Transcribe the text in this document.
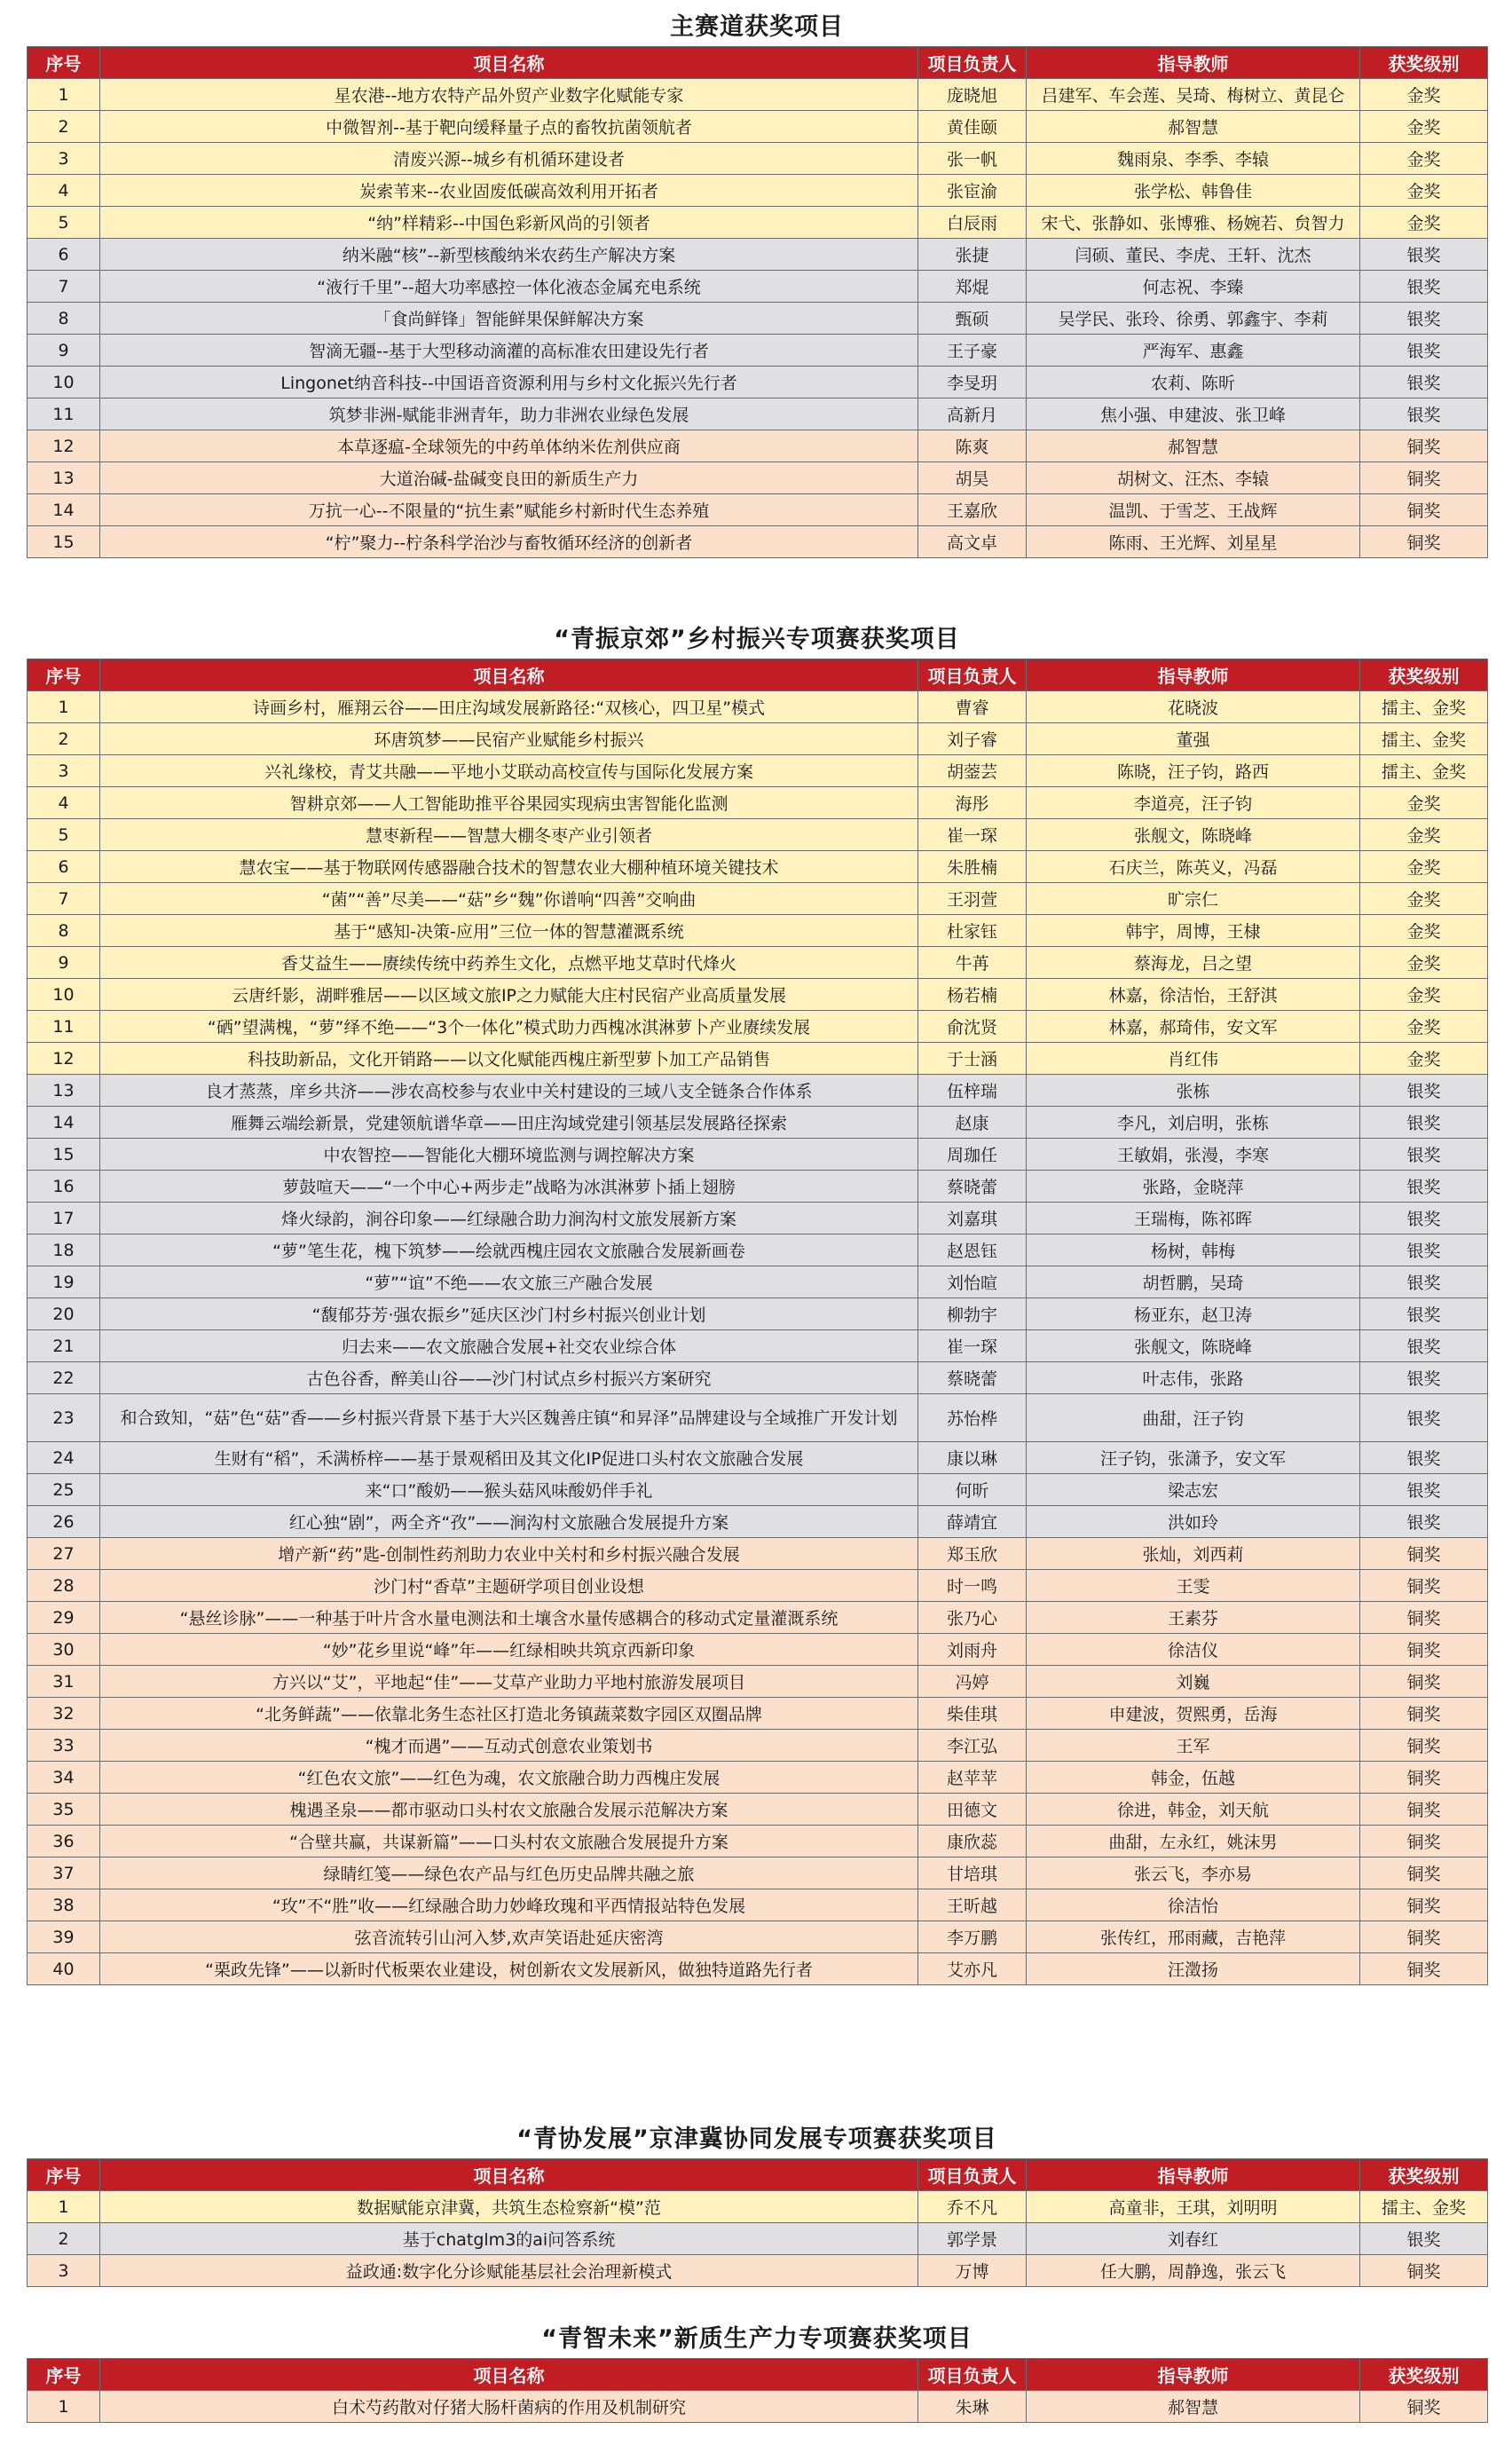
主赛道获奖项目
序号	项目名称	项目负责人	指导教师	获奖级别
1	星农港--地方农特产品外贸产业数字化赋能专家	庞晓旭	吕建军、车会莲、吴琦、梅树立、黄昆仑	金奖
2	中微智剂--基于靶向缓释量子点的畜牧抗菌领航者	黄佳颐	郝智慧	金奖
3	清废兴源--城乡有机循环建设者	张一帆	魏雨泉、李季、李辕	金奖
4	炭索苇来--农业固废低碳高效利用开拓者	张宦渝	张学松、韩鲁佳	金奖
5	“纳”样精彩--中国色彩新风尚的引领者	白辰雨	宋弋、张静如、张博雅、杨婉若、贠智力	金奖
6	纳米融“核”--新型核酸纳米农药生产解决方案	张捷	闫硕、董民、李虎、王轩、沈杰	银奖
7	“液行千里”--超大功率感控一体化液态金属充电系统	郑焜	何志祝、李臻	银奖
8	「食尚鲜锋」智能鲜果保鲜解决方案	甄硕	吴学民、张玲、徐勇、郭鑫宇、李莉	银奖
9	智滴无疆--基于大型移动滴灌的高标准农田建设先行者	王子豪	严海军、惠鑫	银奖
10	Lingonet纳音科技--中国语音资源利用与乡村文化振兴先行者	李旻玥	农莉、陈昕	银奖
11	筑梦非洲-赋能非洲青年，助力非洲农业绿色发展	高新月	焦小强、申建波、张卫峰	银奖
12	本草逐瘟-全球领先的中药单体纳米佐剂供应商	陈爽	郝智慧	铜奖
13	大道治碱-盐碱变良田的新质生产力	胡昊	胡树文、汪杰、李辕	铜奖
14	万抗一心--不限量的“抗生素”赋能乡村新时代生态养殖	王嘉欣	温凯、于雪芝、王战辉	铜奖
15	“柠”聚力--柠条科学治沙与畜牧循环经济的创新者	高文卓	陈雨、王光辉、刘星星	铜奖
“青振京郊”乡村振兴专项赛获奖项目
序号	项目名称	项目负责人	指导教师	获奖级别
1	诗画乡村，雁翔云谷——田庄沟域发展新路径:“双核心，四卫星”模式	曹睿	花晓波	擂主、金奖
2	环唐筑梦——民宿产业赋能乡村振兴	刘子睿	董强	擂主、金奖
3	兴礼缘校，青艾共融——平地小艾联动高校宣传与国际化发展方案	胡蓥芸	陈晓，汪子钧，路西	擂主、金奖
4	智耕京郊——人工智能助推平谷果园实现病虫害智能化监测	海彤	李道亮，汪子钧	金奖
5	慧枣新程——智慧大棚冬枣产业引领者	崔一琛	张舰文，陈晓峰	金奖
6	慧农宝——基于物联网传感器融合技术的智慧农业大棚种植环境关键技术	朱胜楠	石庆兰，陈英义，冯磊	金奖
7	“菌”“善”尽美——“菇”乡“魏”你谱响“四善”交响曲	王羽萱	旷宗仁	金奖
8	基于“感知-决策-应用”三位一体的智慧灌溉系统	杜家钰	韩宇，周博，王棣	金奖
9	香艾益生——赓续传统中药养生文化，点燃平地艾草时代烽火	牛苒	蔡海龙，吕之望	金奖
10	云唐纤影，湖畔雅居——以区域文旅IP之力赋能大庄村民宿产业高质量发展	杨若楠	林嘉，徐洁怡，王舒淇	金奖
11	“硒”望满槐，“萝”绎不绝——“3个一体化”模式助力西槐冰淇淋萝卜产业赓续发展	俞沈贤	林嘉，郝琦伟，安文军	金奖
12	科技助新品，文化开销路——以文化赋能西槐庄新型萝卜加工产品销售	于士涵	肖红伟	金奖
13	良才蒸蒸，庠乡共济——涉农高校参与农业中关村建设的三域八支全链条合作体系	伍梓瑞	张栋	银奖
14	雁舞云端绘新景，党建领航谱华章——田庄沟域党建引领基层发展路径探索	赵康	李凡，刘启明，张栋	银奖
15	中农智控——智能化大棚环境监测与调控解决方案	周珈任	王敏娟，张漫，李寒	银奖
16	萝鼓喧天——“一个中心+两步走”战略为冰淇淋萝卜插上翅膀	蔡晓蕾	张路，金晓萍	银奖
17	烽火绿韵，涧谷印象——红绿融合助力涧沟村文旅发展新方案	刘嘉琪	王瑞梅，陈祁晖	银奖
18	“萝”笔生花，槐下筑梦——绘就西槐庄园农文旅融合发展新画卷	赵恩钰	杨树，韩梅	银奖
19	“萝”“谊”不绝——农文旅三产融合发展	刘怡暄	胡哲鹏，吴琦	银奖
20	“馥郁芬芳·强农振乡”延庆区沙门村乡村振兴创业计划	柳勃宇	杨亚东，赵卫涛	银奖
21	归去来——农文旅融合发展+社交农业综合体	崔一琛	张舰文，陈晓峰	银奖
22	古色谷香，醉美山谷——沙门村试点乡村振兴方案研究	蔡晓蕾	叶志伟，张路	银奖
23	和合致知，“菇”色“菇”香——乡村振兴背景下基于大兴区魏善庄镇“和昇泽”品牌建设与全域推广开发计划	苏怡桦	曲甜，汪子钧	银奖
24	生财有“稻”，禾满桥梓——基于景观稻田及其文化IP促进口头村农文旅融合发展	康以琳	汪子钧，张潇予，安文军	银奖
25	来“口”酸奶——猴头菇风味酸奶伴手礼	何昕	梁志宏	银奖
26	红心独“剧”，两全齐“孜”——涧沟村文旅融合发展提升方案	薛靖宜	洪如玲	银奖
27	增产新“药”匙-创制性药剂助力农业中关村和乡村振兴融合发展	郑玉欣	张灿，刘西莉	铜奖
28	沙门村“香草”主题研学项目创业设想	时一鸣	王雯	铜奖
29	“悬丝诊脉”——一种基于叶片含水量电测法和土壤含水量传感耦合的移动式定量灌溉系统	张乃心	王素芬	铜奖
30	“妙”花乡里说“峰”年——红绿相映共筑京西新印象	刘雨舟	徐洁仪	铜奖
31	方兴以“艾”，平地起“佳”——艾草产业助力平地村旅游发展项目	冯婷	刘巍	铜奖
32	“北务鲜蔬”——依靠北务生态社区打造北务镇蔬菜数字园区双圈品牌	柴佳琪	申建波，贺熙勇，岳海	铜奖
33	“槐才而遇”——互动式创意农业策划书	李江弘	王军	铜奖
34	“红色农文旅”——红色为魂，农文旅融合助力西槐庄发展	赵苹苹	韩金，伍越	铜奖
35	槐遇圣泉——都市驱动口头村农文旅融合发展示范解决方案	田德文	徐进，韩金，刘天航	铜奖
36	“合壁共赢，共谋新篇”——口头村农文旅融合发展提升方案	康欣蕊	曲甜，左永红，姚沫男	铜奖
37	绿睛红笺——绿色农产品与红色历史品牌共融之旅	甘培琪	张云飞，李亦易	铜奖
38	“玫”不“胜”收——红绿融合助力妙峰玫瑰和平西情报站特色发展	王昕越	徐洁怡	铜奖
39	弦音流转引山河入梦,欢声笑语赴延庆密湾	李万鹏	张传红，邢雨藏，吉艳萍	铜奖
40	“栗政先锋”——以新时代板栗农业建设，树创新农文发展新风，做独特道路先行者	艾亦凡	汪澂扬	铜奖
“青协发展”京津冀协同发展专项赛获奖项目
序号	项目名称	项目负责人	指导教师	获奖级别
1	数据赋能京津冀，共筑生态检察新“模”范	乔不凡	高童非，王琪，刘明明	擂主、金奖
2	基于chatglm3的ai问答系统	郭学景	刘春红	银奖
3	益政通:数字化分诊赋能基层社会治理新模式	万博	任大鹏，周静逸，张云飞	铜奖
“青智未来”新质生产力专项赛获奖项目
序号	项目名称	项目负责人	指导教师	获奖级别
1	白术芍药散对仔猪大肠杆菌病的作用及机制研究	朱琳	郝智慧	铜奖
